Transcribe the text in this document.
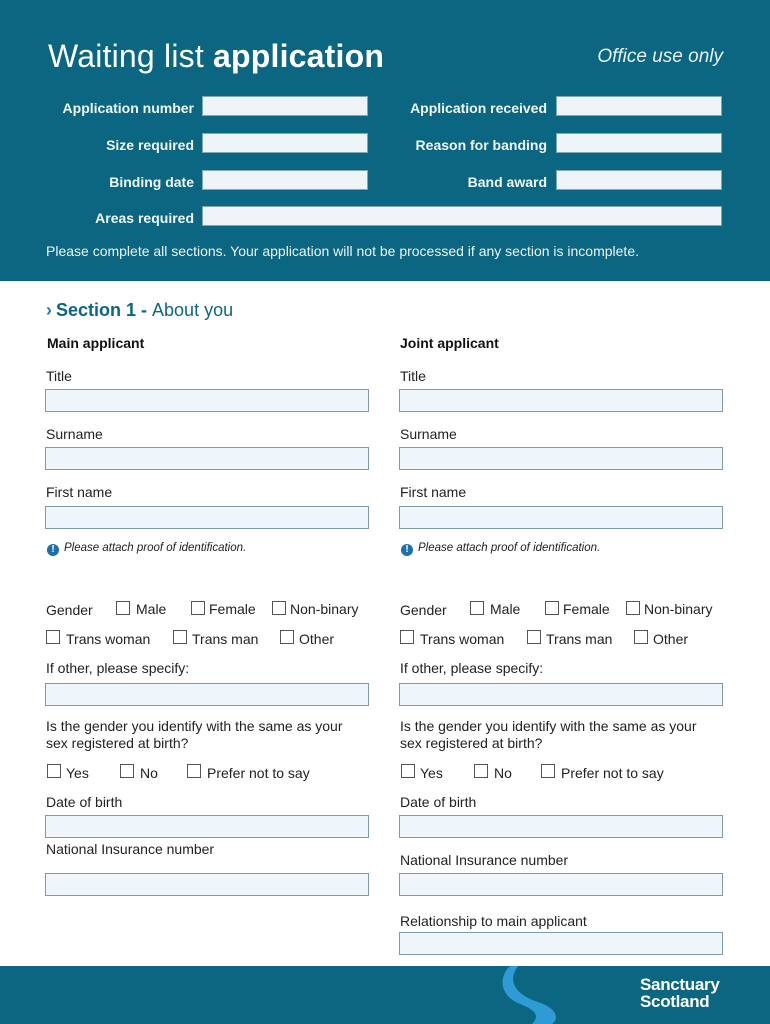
Waiting list application	Office use only
Application number	Application received
Size required	Reason for banding
Binding date	Band award
Areas required
Please complete all sections. Your application will not be processed if any section is incomplete.
› Section 1 - About you
Main applicant
Title
Surname
First name
! Please attach proof of identification.
Gender	Male	Female Non-binary
Trans woman	Trans man	Other
If other, please specify:
Is the gender you identify with the same as your sex registered at birth?
Yes	No	Prefer not to say
Date of birth
National Insurance number
Joint applicant
Title
Surname
First name
! Please attach proof of identification.
Gender	Male	Female Non-binary
Trans woman	Trans man	Other
If other, please specify:
Is the gender you identify with the same as your sex registered at birth?
Yes	No	Prefer not to say
Date of birth
National Insurance number
Relationship to main applicant
Sanctuary
Scotland
